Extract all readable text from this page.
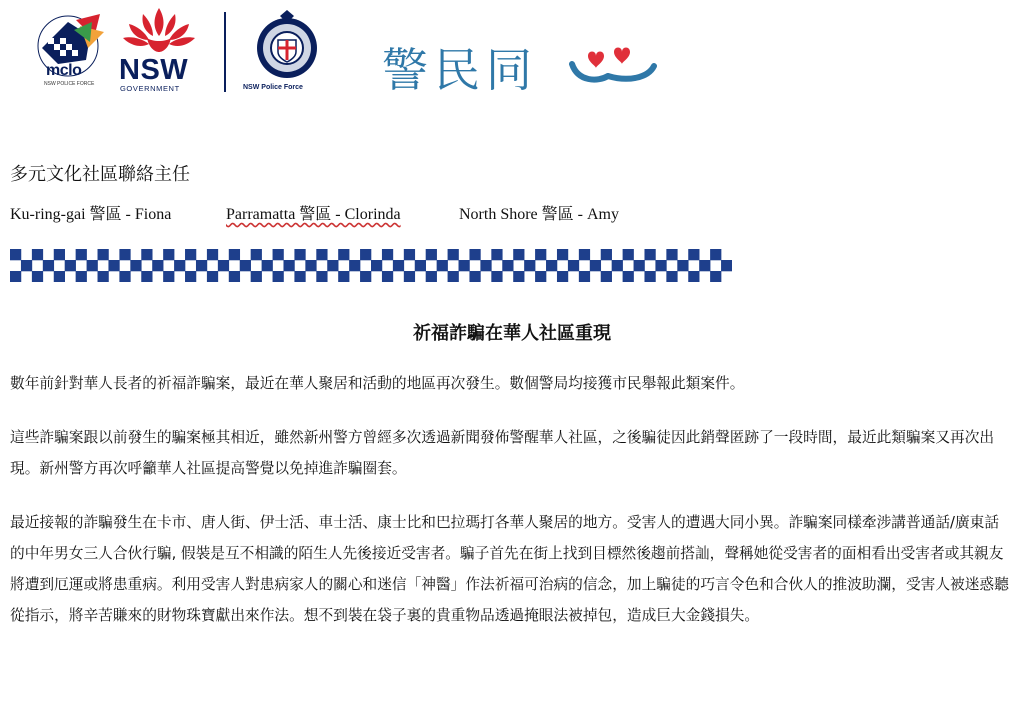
mclo
NSW POLICE FORCE NSW
GOVERNMENT	NSW Police Force 警民同
多元文化社區聯絡主任

Ku-ring-gai 警區 - Fiona

	Parramatta 警區 - Clorinda

	North Shore 警區 - Amy

祈福詐騙在華人社區重現
數年前針對華人長者的祈福詐騙案，最近在華人聚居和活動的地區再次發生。數個警局均接獲市民舉報此類案件。
這些詐騙案跟以前發生的騙案極其相近，雖然新州警方曾經多次透過新聞發佈警醒華人社區，之後騙徒因此銷聲匿跡了一段時間，最近此類騙案又再次出現。新州警方再次呼籲華人社區提高警覺以免掉進詐騙圈套。
最近接報的詐騙發生在卡市、唐人街、伊士活、車士活、康士比和巴拉瑪打各華人聚居的地方。受害人的遭遇大同小異。詐騙案同樣牽涉講普通話/廣東話的中年男女三人合伙行騙, 假裝是互不相識的陌生人先後接近受害者。騙子首先在街上找到目標然後趨前搭訕，聲稱她從受害者的面相看出受害者或其親友將遭到厄運或將患重病。利用受害人對患病家人的關心和迷信「神醫」作法祈福可治病的信念，加上騙徒的巧言令色和合伙人的推波助瀾，受害人被迷惑聽從指示，將辛苦賺來的財物珠寶獻出來作法。想不到裝在袋子裏的貴重物品透過掩眼法被掉包，造成巨大金錢損失。
